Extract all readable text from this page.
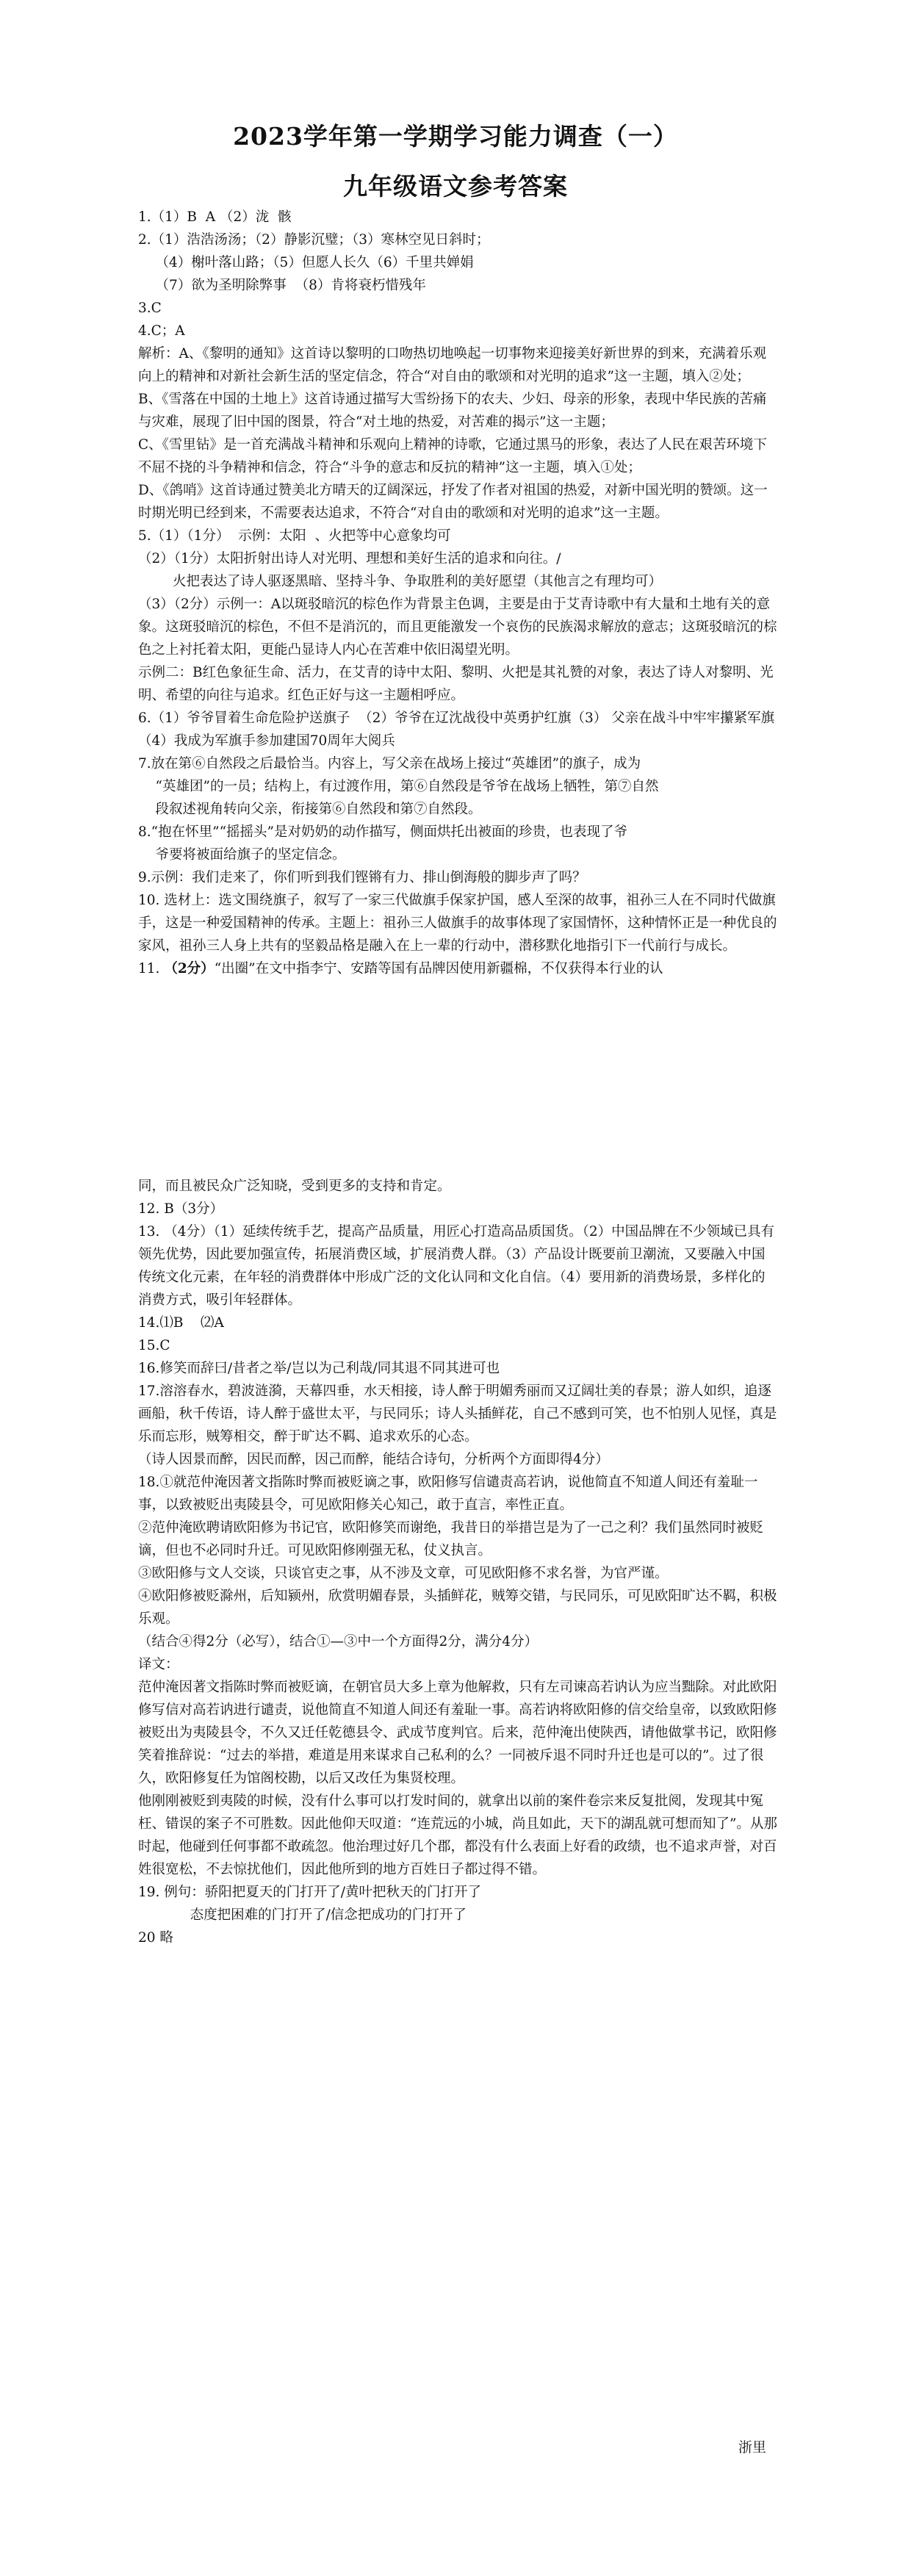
2023学年第一学期学习能力调查（一）
九年级语文参考答案

1.（1）B  A （2）泷  骸

2.（1）浩浩汤汤；（2）静影沉璧；（3）寒林空见日斜时；

（4）榭叶落山路；（5）但愿人长久（6）千里共婵娟

（7）欲为圣明除弊事  （8）肯将衰朽惜残年

3.C

4.C；A

解析：A、《黎明的通知》这首诗以黎明的口吻热切地唤起一切事物来迎接美好新世界的到来，充满着乐观向上的精神和对新社会新生活的坚定信念，符合“对自由的歌颂和对光明的追求”这一主题，填入②处；

B、《雪落在中国的土地上》这首诗通过描写大雪纷扬下的农夫、少妇、母亲的形象，表现中华民族的苦痛与灾难，展现了旧中国的图景，符合“对土地的热爱，对苦难的揭示”这一主题；

C、《雪里钻》是一首充满战斗精神和乐观向上精神的诗歌，它通过黑马的形象，表达了人民在艰苦环境下不屈不挠的斗争精神和信念，符合“斗争的意志和反抗的精神”这一主题，填入①处；

D、《鸽哨》这首诗通过赞美北方晴天的辽阔深远，抒发了作者对祖国的热爱，对新中国光明的赞颂。这一时期光明已经到来，不需要表达追求，不符合“对自由的歌颂和对光明的追求”这一主题。

5.（1）（1分）  示例：太阳  、火把等中心意象均可

（2）（1分）太阳折射出诗人对光明、理想和美好生活的追求和向往。/

火把表达了诗人驱逐黑暗、坚持斗争、争取胜利的美好愿望（其他言之有理均可）

（3）（2分）示例一：A以斑驳暗沉的棕色作为背景主色调，主要是由于艾青诗歌中有大量和土地有关的意象。这斑驳暗沉的棕色，不但不是消沉的，而且更能激发一个哀伤的民族渴求解放的意志；这斑驳暗沉的棕色之上衬托着太阳，更能凸显诗人内心在苦难中依旧渴望光明。

示例二：B红色象征生命、活力，在艾青的诗中太阳、黎明、火把是其礼赞的对象，表达了诗人对黎明、光明、希望的向往与追求。红色正好与这一主题相呼应。

6.（1）爷爷冒着生命危险护送旗子  （2）爷爷在辽沈战役中英勇护红旗（3） 父亲在战斗中牢牢攥紧军旗     （4）我成为军旗手参加建国70周年大阅兵

7.放在第⑥自然段之后最恰当。内容上，写父亲在战场上接过“英雄团”的旗子，成为

“英雄团”的一员；结构上，有过渡作用，第⑥自然段是爷爷在战场上牺牲，第⑦自然

段叙述视角转向父亲，衔接第⑥自然段和第⑦自然段。

8.“抱在怀里”“摇摇头”是对奶奶的动作描写，侧面烘托出被面的珍贵，也表现了爷

爷要将被面给旗子的坚定信念。

9.示例：我们走来了，你们听到我们铿锵有力、排山倒海般的脚步声了吗？

10. 选材上：选文围绕旗子，叙写了一家三代做旗手保家护国，感人至深的故事，祖孙三人在不同时代做旗手，这是一种爱国精神的传承。主题上：祖孙三人做旗手的故事体现了家国情怀，这种情怀正是一种优良的家风，祖孙三人身上共有的坚毅品格是融入在上一辈的行动中，潜移默化地指引下一代前行与成长。

11. （2分）“出圈”在文中指李宁、安踏等国有品牌因使用新疆棉，不仅获得本行业的认

同，而且被民众广泛知晓，受到更多的支持和肯定。

12. B（3分）

13. （4分）（1）延续传统手艺，提高产品质量，用匠心打造高品质国货。（2）中国品牌在不少领域已具有领先优势，因此要加强宣传，拓展消费区域，扩展消费人群。（3）产品设计既要前卫潮流，又要融入中国传统文化元素，在年轻的消费群体中形成广泛的文化认同和文化自信。（4）要用新的消费场景，多样化的消费方式，吸引年轻群体。

14.⑴B    ⑵A

15.C

16.修笑而辞曰/昔者之举/岂以为己利哉/同其退不同其进可也

17.溶溶春水，碧波涟漪，天幕四垂，水天相接，诗人醉于明媚秀丽而又辽阔壮美的春景；游人如织，追逐画船，秋千传语，诗人醉于盛世太平，与民同乐；诗人头插鲜花，自己不感到可笑，也不怕别人见怪，真是乐而忘形，贼筹相交，醉于旷达不羁、追求欢乐的心态。

（诗人因景而醉，因民而醉，因己而醉，能结合诗句，分析两个方面即得4分）

18.①就范仲淹因著文指陈时弊而被贬谪之事，欧阳修写信谴责高若讷，说他简直不知道人间还有羞耻一事，以致被贬出夷陵县令，可见欧阳修关心知己，敢于直言，率性正直。

②范仲淹欧聘请欧阳修为书记官，欧阳修笑而谢绝，我昔日的举措岂是为了一己之利？我们虽然同时被贬谪，但也不必同时升迁。可见欧阳修刚强无私，仗义执言。

③欧阳修与文人交谈，只谈官吏之事，从不涉及文章，可见欧阳修不求名誉，为官严谨。

④欧阳修被贬滁州，后知颍州，欣赏明媚春景，头插鲜花，贼筹交错，与民同乐，可见欧阳旷达不羁，积极乐观。

（结合④得2分（必写），结合①—③中一个方面得2分，满分4分）

译文：

范仲淹因著文指陈时弊而被贬谪，在朝官员大多上章为他解救，只有左司谏高若讷认为应当黜除。对此欧阳修写信对高若讷进行谴责，说他简直不知道人间还有羞耻一事。高若讷将欧阳修的信交给皇帝，以致欧阳修被贬出为夷陵县令，不久又迁任乾德县令、武成节度判官。后来，范仲淹出使陕西，请他做掌书记，欧阳修笑着推辞说：“过去的举措，难道是用来谋求自己私利的么？一同被斥退不同时升迁也是可以的”。过了很久，欧阳修复任为馆阁校勘，以后又改任为集贤校理。

他刚刚被贬到夷陵的时候，没有什么事可以打发时间的，就拿出以前的案件卷宗来反复批阅，发现其中冤枉、错误的案子不可胜数。因此他仰天叹道：“连荒远的小城，尚且如此，天下的湖乱就可想而知了”。从那时起，他碰到任何事都不敢疏忽。他治理过好几个郡，都没有什么表面上好看的政绩，也不追求声誉，对百姓很宽松，不去惊扰他们，因此他所到的地方百姓日子都过得不错。

19. 例句：骄阳把夏天的门打开了/黄叶把秋天的门打开了

态度把困难的门打开了/信念把成功的门打开了

20 略

浙里
